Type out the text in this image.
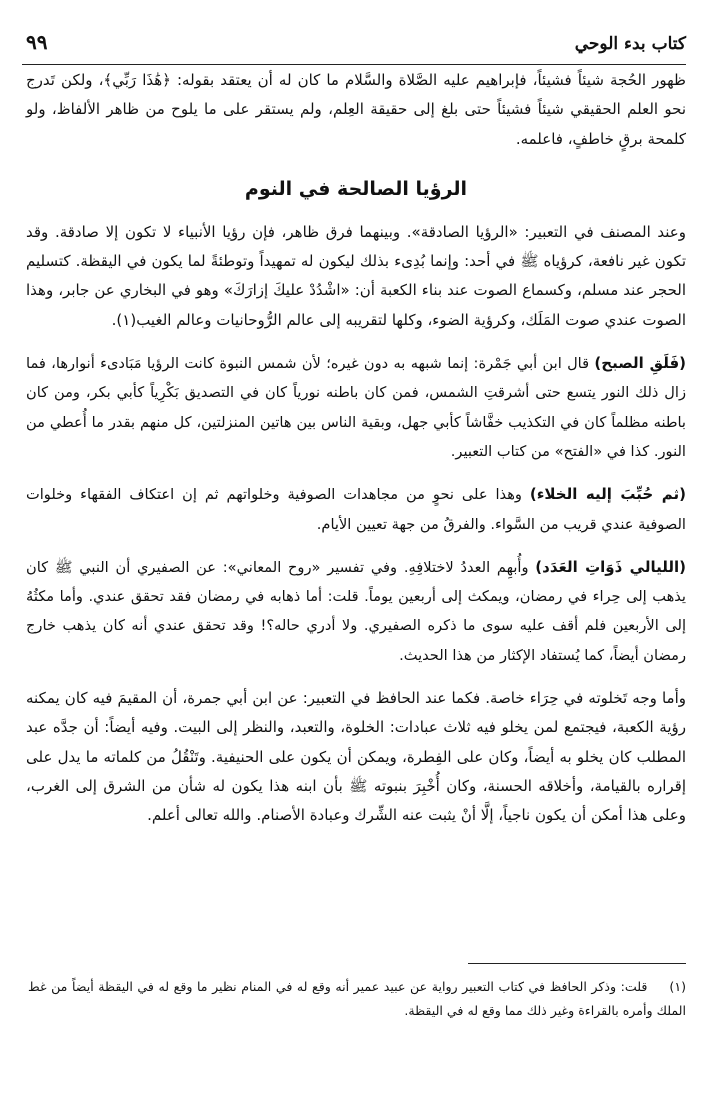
كتاب بدء الوحي
٩٩

ظهور الحُجة شيئاً فشيئاً، فإبراهيم عليه الصَّلاة والسَّلام ما كان له أن يعتقد بقوله: ﴿هَٰذَا رَبِّي﴾، ولكن تَدرج نحو العلم الحقيقي شيئاً فشيئاً حتى بلغ إلى حقيقة العِلم، ولم يستقر على ما يلوح من ظاهر الألفاظ، ولو كلمحة برقٍ خاطفٍ، فاعلمه.

الرؤيا الصالحة في النوم

وعند المصنف في التعبير: «الرؤيا الصادقة». وبينهما فرق ظاهر، فإن رؤيا الأنبياء لا تكون إلا صادقة. وقد تكون غير نافعة، كرؤياه ﷺ في أحد: وإنما بُدِىء بذلك ليكون له تمهيداً وتوطئةً لما يكون في اليقظة. كتسليم الحجر عند مسلم، وكسماع الصوت عند بناء الكعبة أن: «اشْدُدْ عليكَ إزارَكَ» وهو في البخاري عن جابر، وهذا الصوت عندي صوت المَلَك، وكرؤية الضوء، وكلها لتقريبه إلى عالم الرُّوحانيات وعالم الغيب(١).

(فَلَقِ الصبح) قال ابن أبي جَمْرة: إنما شبهه به دون غيره؛ لأن شمس النبوة كانت الرؤيا مَبَادىء أنوارها، فما زال ذلك النور يتسع حتى أشرقتِ الشمس، فمن كان باطنه نورياً كان في التصديق بَكْرِياً كأبي بكر، ومن كان باطنه مظلماً كان في التكذيب خفَّاشاً كأبي جهل، وبقية الناس بين هاتين المنزلتين، كل منهم بقدر ما أُعطي من النور. كذا في «الفتح» من كتاب التعبير.

(ثم حُبِّبَ إليه الخلاء) وهذا على نحوٍ من مجاهدات الصوفية وخلواتهم ثم إن اعتكاف الفقهاء وخلوات الصوفية عندي قريب من السَّواء. والفرقُ من جهة تعيين الأيام.

(الليالي ذَوَاتِ العَدَد) وأُبهِم العددُ لاختلافِهِ. وفي تفسير «روح المعاني»: عن الصفيري أن النبي ﷺ كان يذهب إلى حِراء في رمضان، ويمكث إلى أربعين يوماً. قلت: أما ذهابه في رمضان فقد تحقق عندي. وأما مكثُهُ إلى الأربعين فلم أقف عليه سوى ما ذكره الصفيري. ولا أدري حاله؟! وقد تحقق عندي أنه كان يذهب خارج رمضان أيضاً، كما يُستفاد الإكثار من هذا الحديث.

وأما وجه تَخلوته في حِرَاء خاصة. فكما عند الحافظ في التعبير: عن ابن أبي جمرة، أن المقيمَ فيه كان يمكنه رؤية الكعبة، فيجتمع لمن يخلو فيه ثلاث عبادات: الخلوة، والتعبد، والنظر إلى البيت. وفيه أيضاً: أن جدَّه عبد المطلب كان يخلو به أيضاً، وكان على الفِطرة، ويمكن أن يكون على الحنيفية. وتَنْقُلُ من كلماته ما يدل على إقراره بالقيامة، وأخلاقه الحسنة، وكان أُخْبِرَ بنبوته ﷺ بأن ابنه هذا يكون له شأن من الشرق إلى الغرب، وعلى هذا أمكن أن يكون ناجياً، إلَّا أنْ يثبت عنه الشِّرك وعبادة الأصنام. والله تعالى أعلم.

(١)قلت: وذكر الحافظ في كتاب التعبير رواية عن عبيد عمير أنه وقع له في المنام نظير ما وقع له في اليقظة أيضاً من غط الملك وأمره بالقراءة وغير ذلك مما وقع له في اليقظة.
